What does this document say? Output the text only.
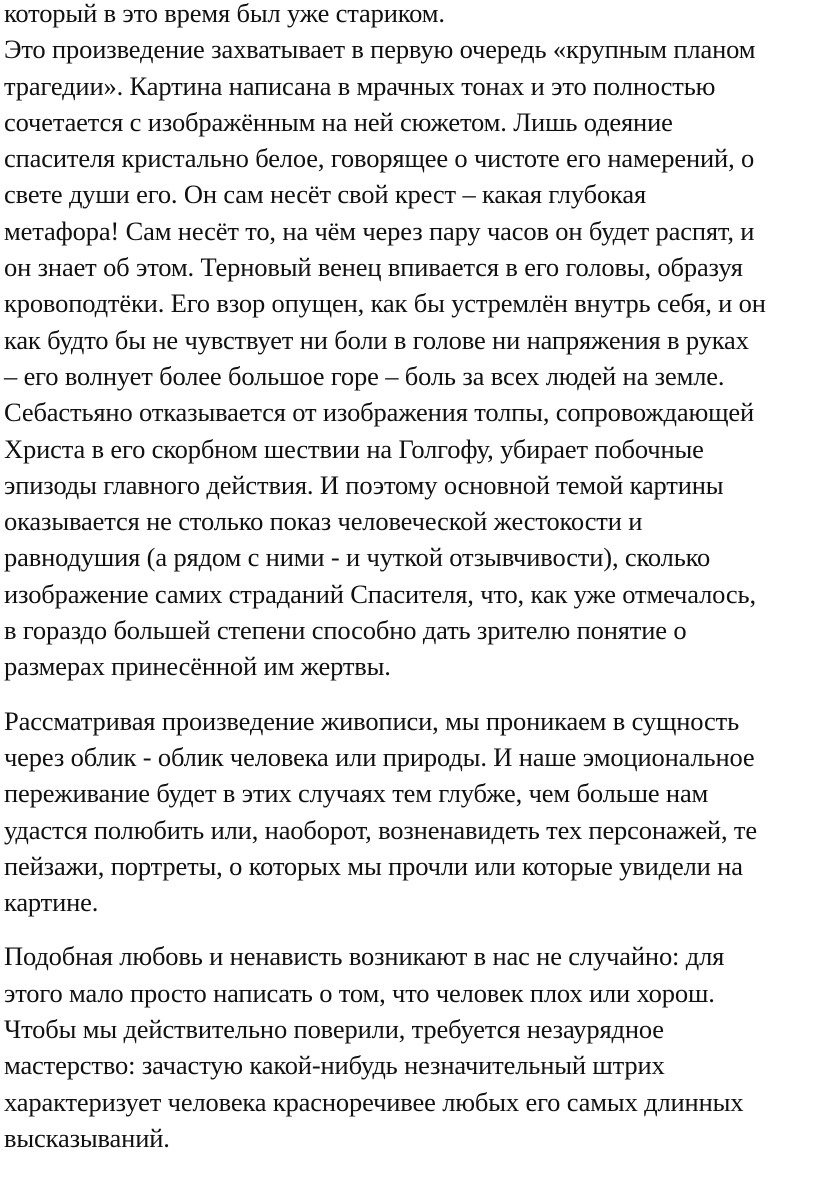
который в это время был уже стариком.
Это произведение захватывает в первую очередь «крупным планом
трагедии». Картина написана в мрачных тонах и это полностью
сочетается с изображённым на ней сюжетом. Лишь одеяние
спасителя кристально белое, говорящее о чистоте его намерений, о
свете души его. Он сам несёт свой крест – какая глубокая
метафора! Сам несёт то, на чём через пару часов он будет распят, и
он знает об этом. Терновый венец впивается в его головы, образуя
кровоподтёки. Его взор опущен, как бы устремлён внутрь себя, и он
как будто бы не чувствует ни боли в голове ни напряжения в руках
– его волнует более большое горе – боль за всех людей на земле.
Себастьяно отказывается от изображения толпы, сопровождающей
Христа в его скорбном шествии на Голгофу, убирает побочные
эпизоды главного действия. И поэтому основной темой картины
оказывается не столько показ человеческой жестокости и
равнодушия (а рядом с ними - и чуткой отзывчивости), сколько
изображение самих страданий Спасителя, что, как уже отмечалось,
в гораздо большей степени способно дать зрителю понятие о
размерах принесённой им жертвы.
Рассматривая произведение живописи, мы проникаем в сущность
через облик - облик человека или природы. И наше эмоциональное
переживание будет в этих случаях тем глубже, чем больше нам
удастся полюбить или, наоборот, возненавидеть тех персонажей, те
пейзажи, портреты, о которых мы прочли или которые увидели на
картине.
Подобная любовь и ненависть возникают в нас не случайно: для
этого мало просто написать о том, что человек плох или хорош.
Чтобы мы действительно поверили, требуется незаурядное
мастерство: зачастую какой-нибудь незначительный штрих
характеризует человека красноречивее любых его самых длинных
высказываний.
